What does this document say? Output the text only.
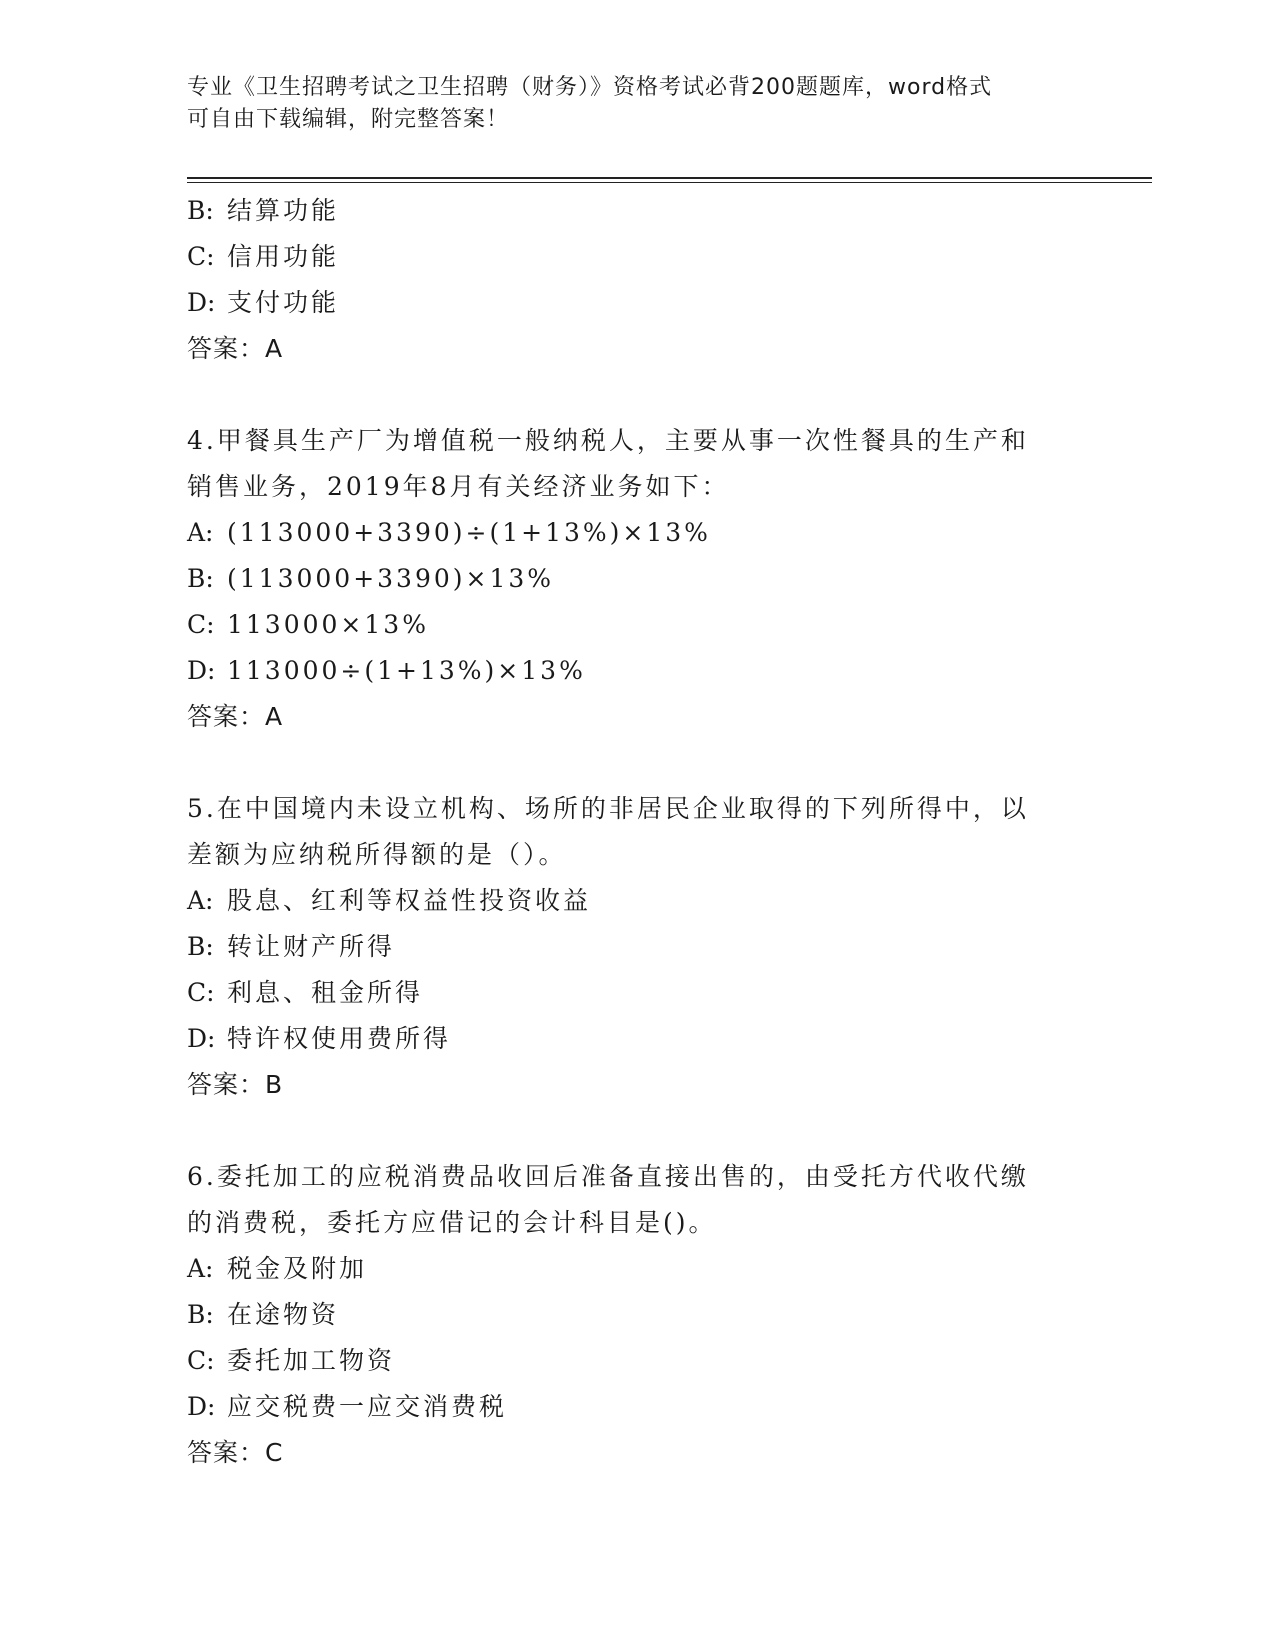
专业《卫生招聘考试之卫生招聘（财务）》资格考试必背200题题库，word格式
可自由下载编辑，附完整答案！
B: 结算功能
C: 信用功能
D: 支付功能
答案：A
4.甲餐具生产厂为增值税一般纳税人，主要从事一次性餐具的生产和
销售业务，2019年8月有关经济业务如下：
A: (113000+3390)÷(1+13%)×13%
B: (113000+3390)×13%
C: 113000×13%
D: 113000÷(1+13%)×13%
答案：A
5.在中国境内未设立机构、场所的非居民企业取得的下列所得中，以
差额为应纳税所得额的是（）。
A: 股息、红利等权益性投资收益
B: 转让财产所得
C: 利息、租金所得
D: 特许权使用费所得
答案：B
6.委托加工的应税消费品收回后准备直接出售的，由受托方代收代缴
的消费税，委托方应借记的会计科目是()。
A: 税金及附加
B: 在途物资
C: 委托加工物资
D: 应交税费一应交消费税
答案：C
